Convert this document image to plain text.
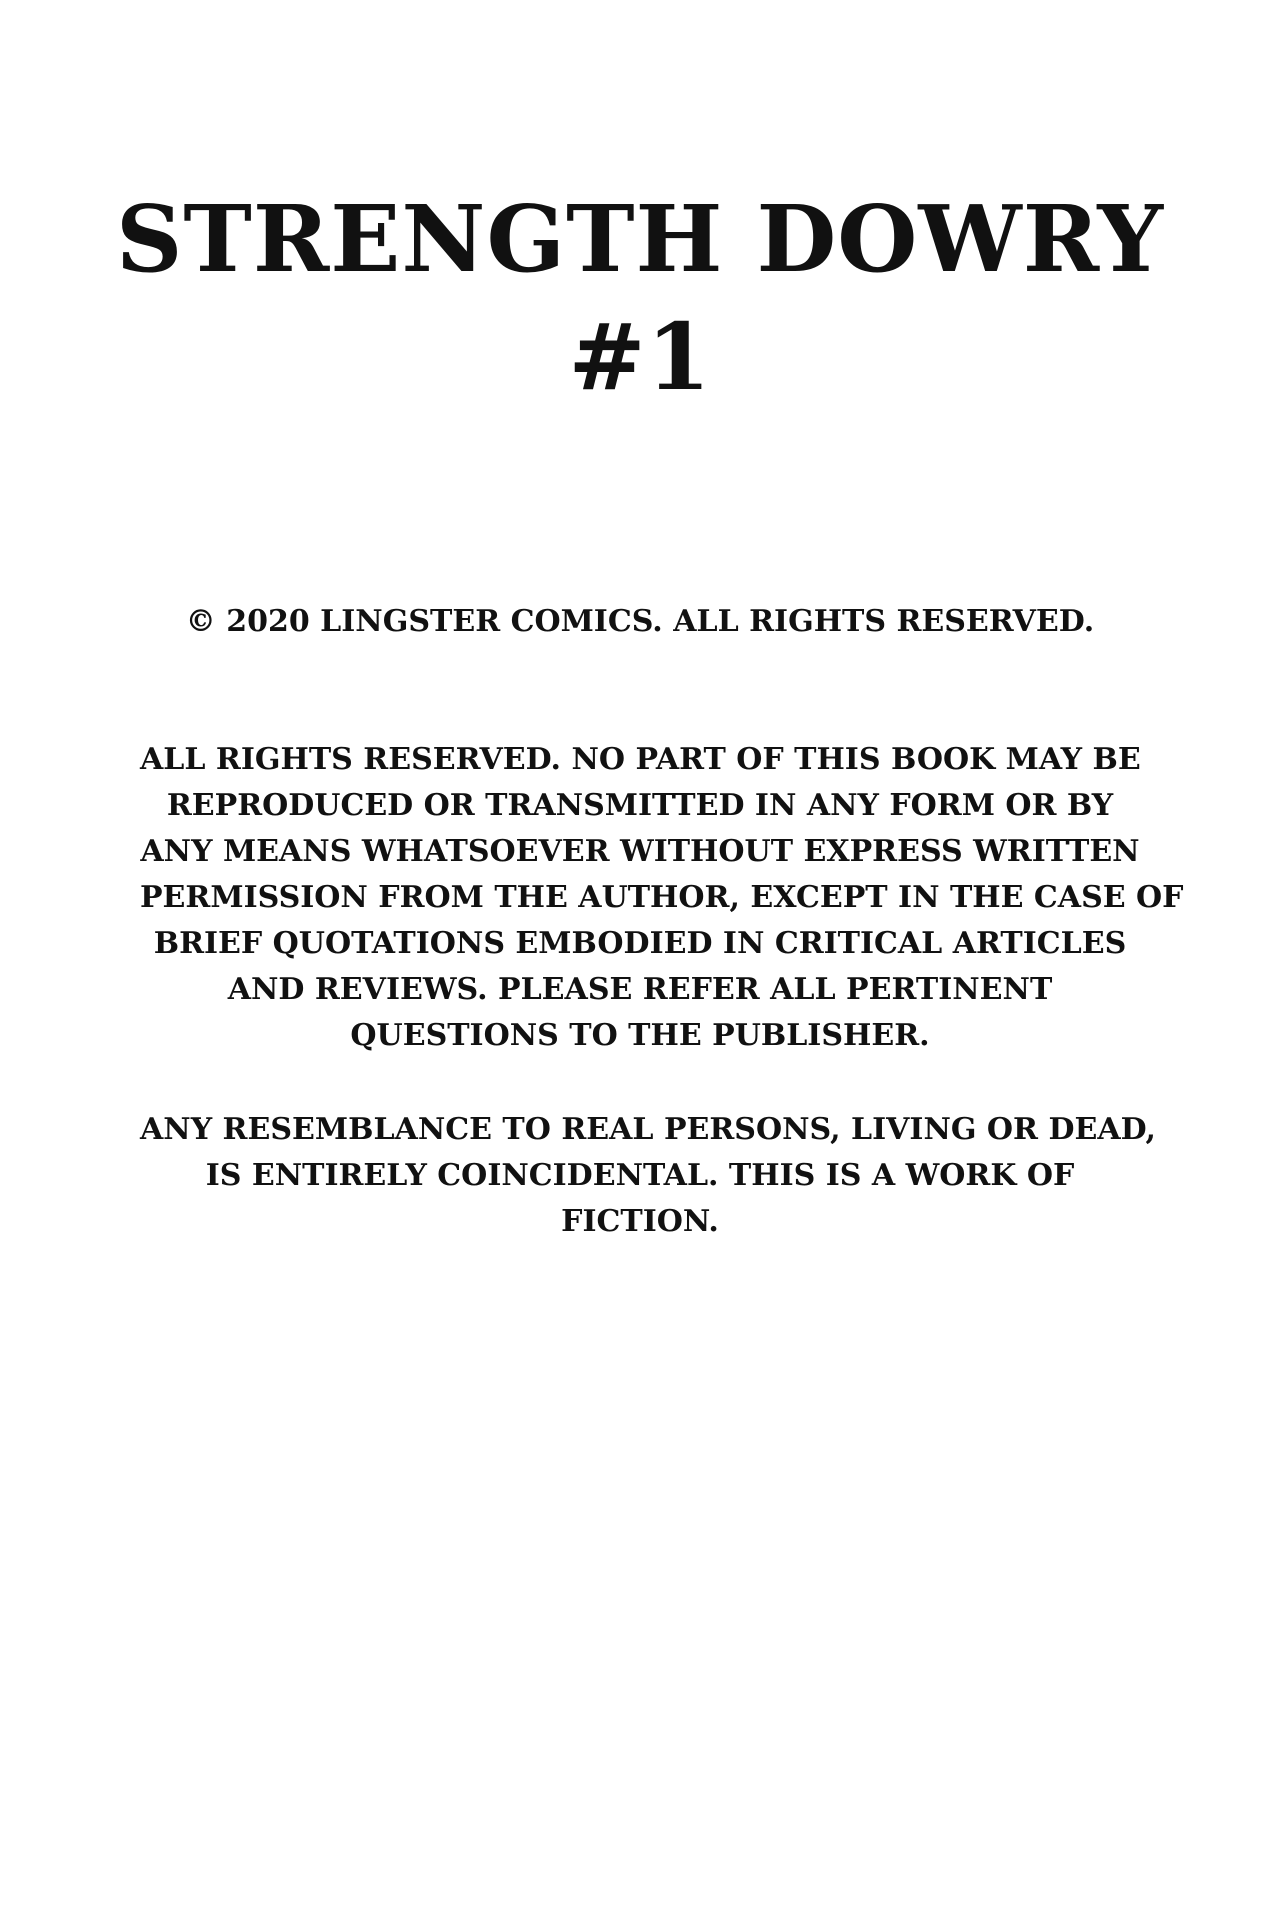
STRENGTH DOWRY
#1

© 2020 LINGSTER COMICS. ALL RIGHTS RESERVED.

ALL RIGHTS RESERVED. NO PART OF THIS BOOK MAY BE
REPRODUCED OR TRANSMITTED IN ANY FORM OR BY
ANY MEANS WHATSOEVER WITHOUT EXPRESS WRITTEN
PERMISSION FROM THE AUTHOR, EXCEPT IN THE CASE OF
BRIEF QUOTATIONS EMBODIED IN CRITICAL ARTICLES
AND REVIEWS. PLEASE REFER ALL PERTINENT
QUESTIONS TO THE PUBLISHER.

ANY RESEMBLANCE TO REAL PERSONS, LIVING OR DEAD,
IS ENTIRELY COINCIDENTAL. THIS IS A WORK OF
FICTION.
